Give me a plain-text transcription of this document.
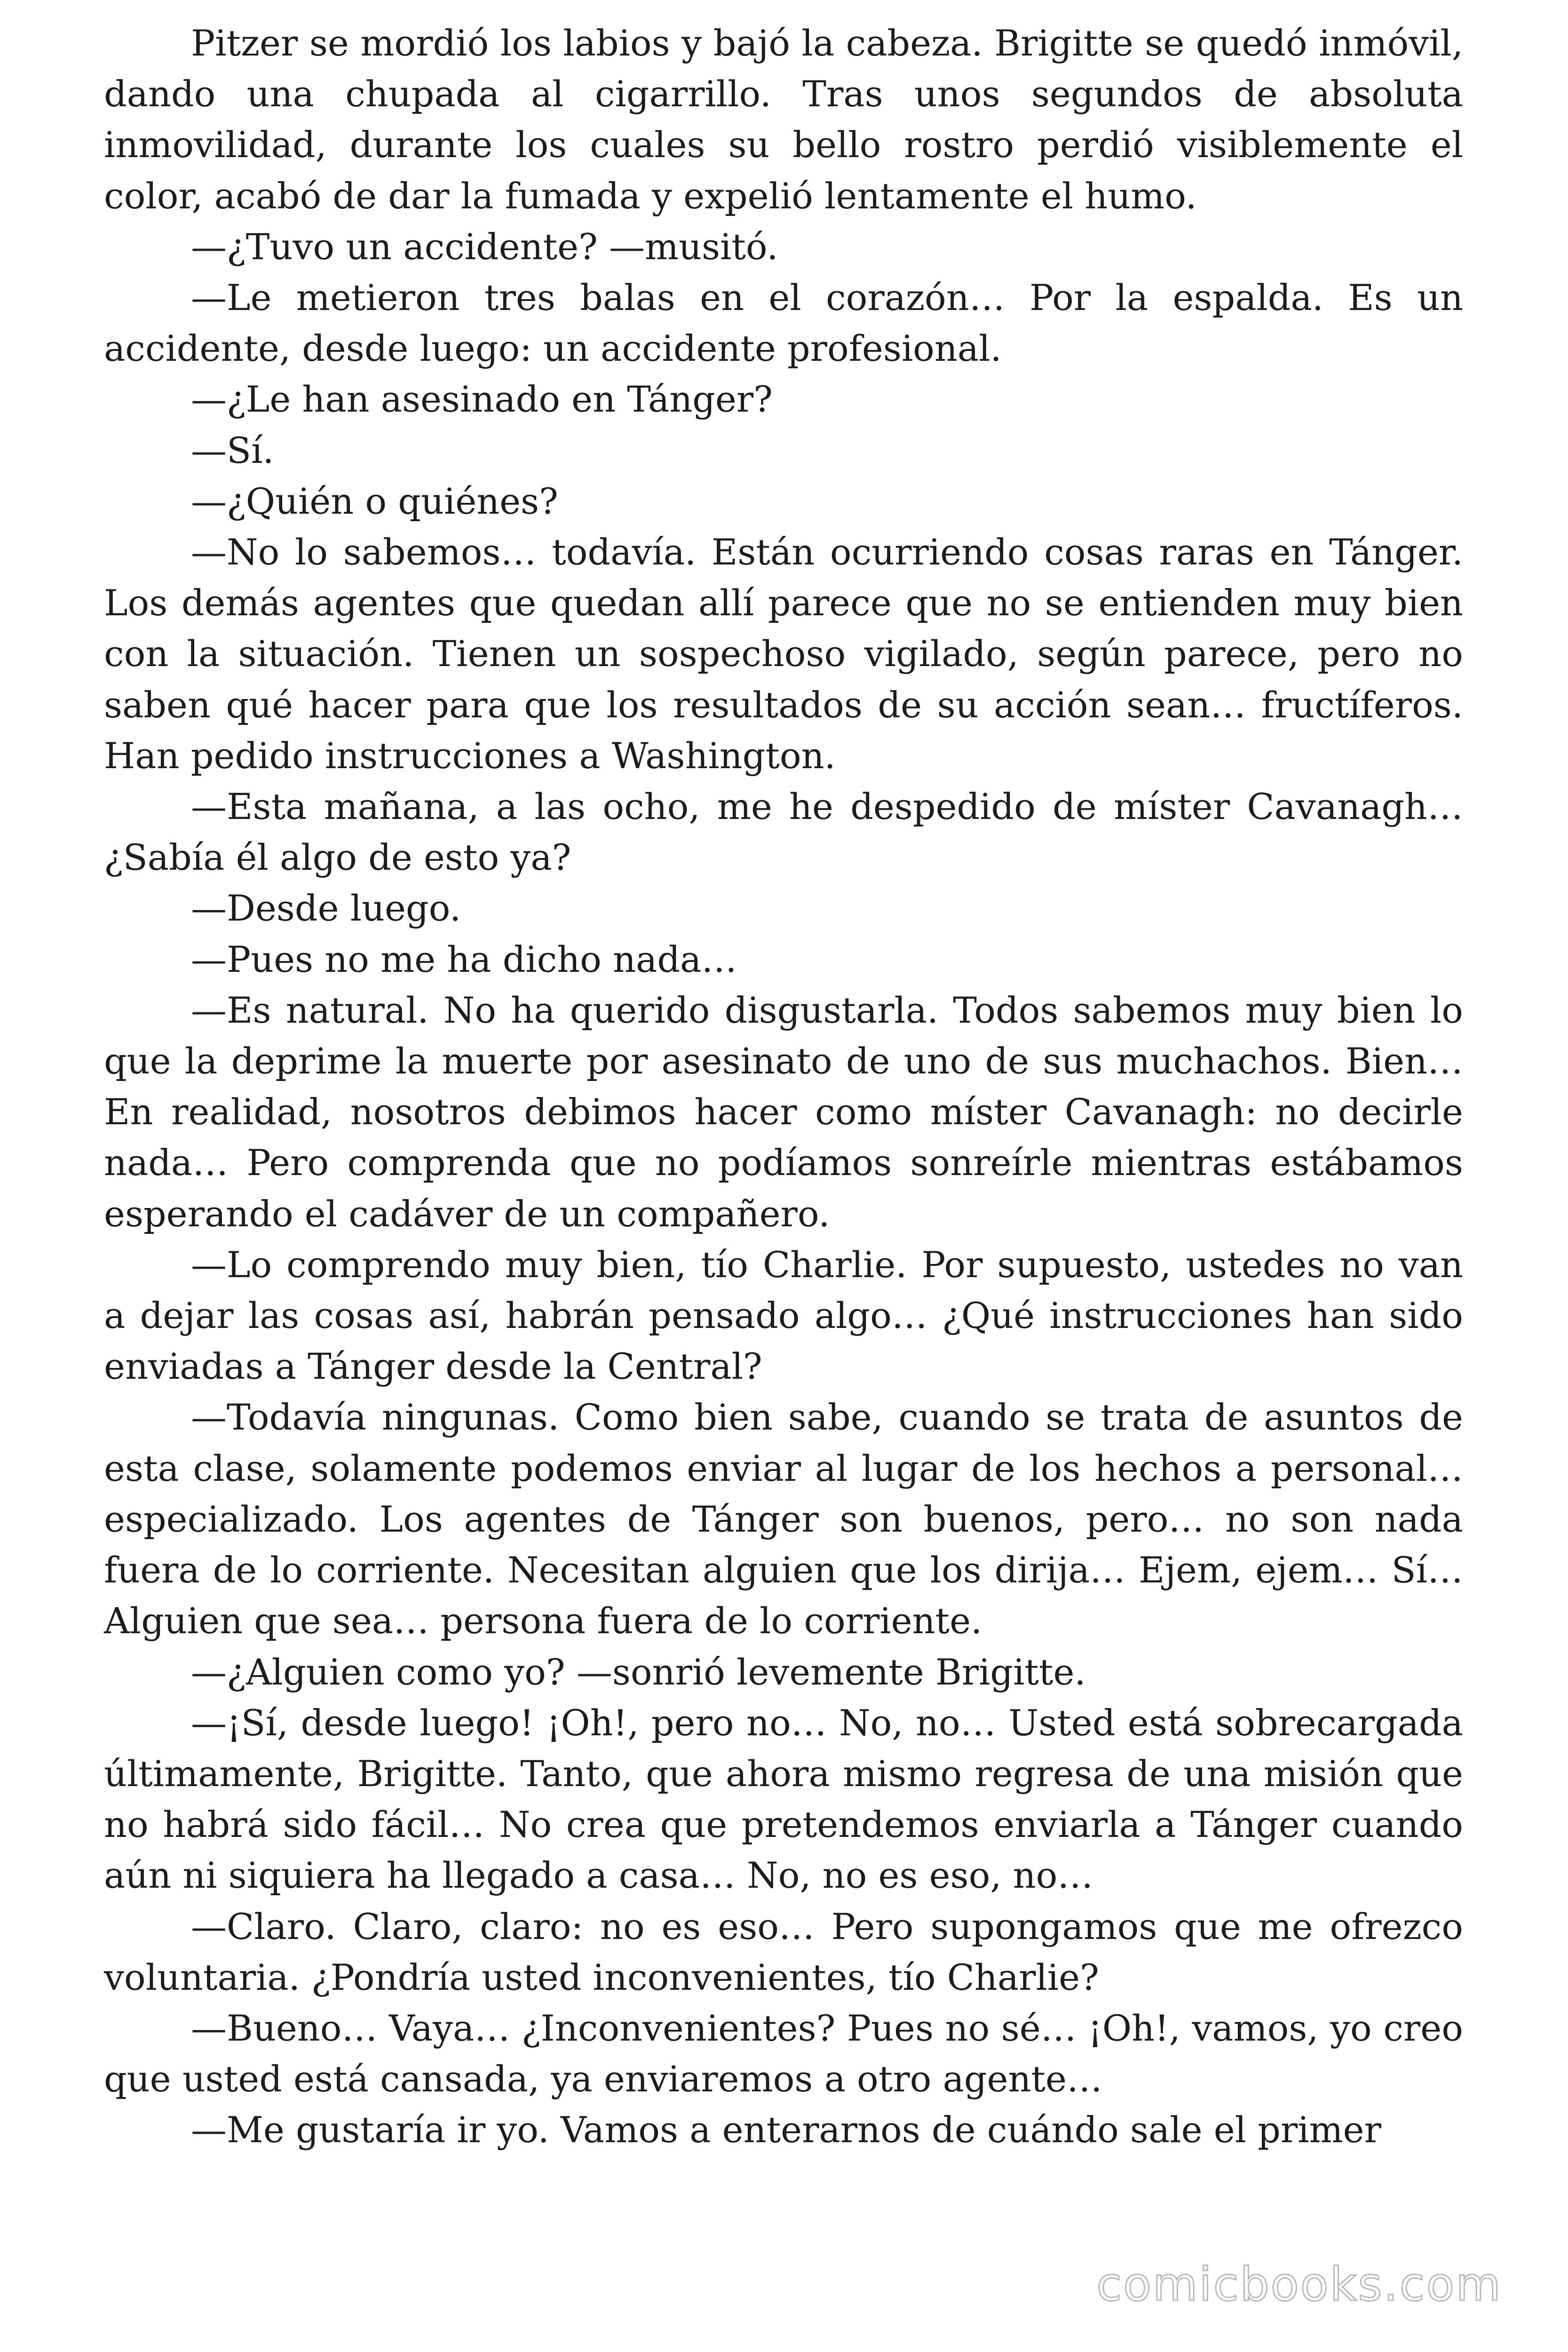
Pitzer se mordió los labios y bajó la cabeza. Brigitte se quedó inmóvil, dando una chupada al cigarrillo. Tras unos segundos de absoluta inmovilidad, durante los cuales su bello rostro perdió visiblemente el color, acabó de dar la fumada y expelió lentamente el humo.

—¿Tuvo un accidente? —musitó.

—Le metieron tres balas en el corazón… Por la espalda. Es un accidente, desde luego: un accidente profesional.

—¿Le han asesinado en Tánger?

—Sí.

—¿Quién o quiénes?

—No lo sabemos… todavía. Están ocurriendo cosas raras en Tánger. Los demás agentes que quedan allí parece que no se entienden muy bien con la situación. Tienen un sospechoso vigilado, según parece, pero no saben qué hacer para que los resultados de su acción sean… fructíferos. Han pedido instrucciones a Washington.

—Esta mañana, a las ocho, me he despedido de míster Cavanagh… ¿Sabía él algo de esto ya?

—Desde luego.

—Pues no me ha dicho nada…

—Es natural. No ha querido disgustarla. Todos sabemos muy bien lo que la deprime la muerte por asesinato de uno de sus muchachos. Bien… En realidad, nosotros debimos hacer como míster Cavanagh: no decirle nada… Pero comprenda que no podíamos sonreírle mientras estábamos esperando el cadáver de un compañero.

—Lo comprendo muy bien, tío Charlie. Por supuesto, ustedes no van a dejar las cosas así, habrán pensado algo… ¿Qué instrucciones han sido enviadas a Tánger desde la Central?

—Todavía ningunas. Como bien sabe, cuando se trata de asuntos de esta clase, solamente podemos enviar al lugar de los hechos a personal… especializado. Los agentes de Tánger son buenos, pero… no son nada fuera de lo corriente. Necesitan alguien que los dirija… Ejem, ejem… Sí… Alguien que sea… persona fuera de lo corriente.

—¿Alguien como yo? —sonrió levemente Brigitte.

—¡Sí, desde luego! ¡Oh!, pero no… No, no… Usted está sobrecargada últimamente, Brigitte. Tanto, que ahora mismo regresa de una misión que no habrá sido fácil… No crea que pretendemos enviarla a Tánger cuando aún ni siquiera ha llegado a casa… No, no es eso, no…

—Claro. Claro, claro: no es eso… Pero supongamos que me ofrezco voluntaria. ¿Pondría usted inconvenientes, tío Charlie?

—Bueno… Vaya… ¿Inconvenientes? Pues no sé… ¡Oh!, vamos, yo creo que usted está cansada, ya enviaremos a otro agente…

—Me gustaría ir yo. Vamos a enterarnos de cuándo sale el primer

comicbooks.com
